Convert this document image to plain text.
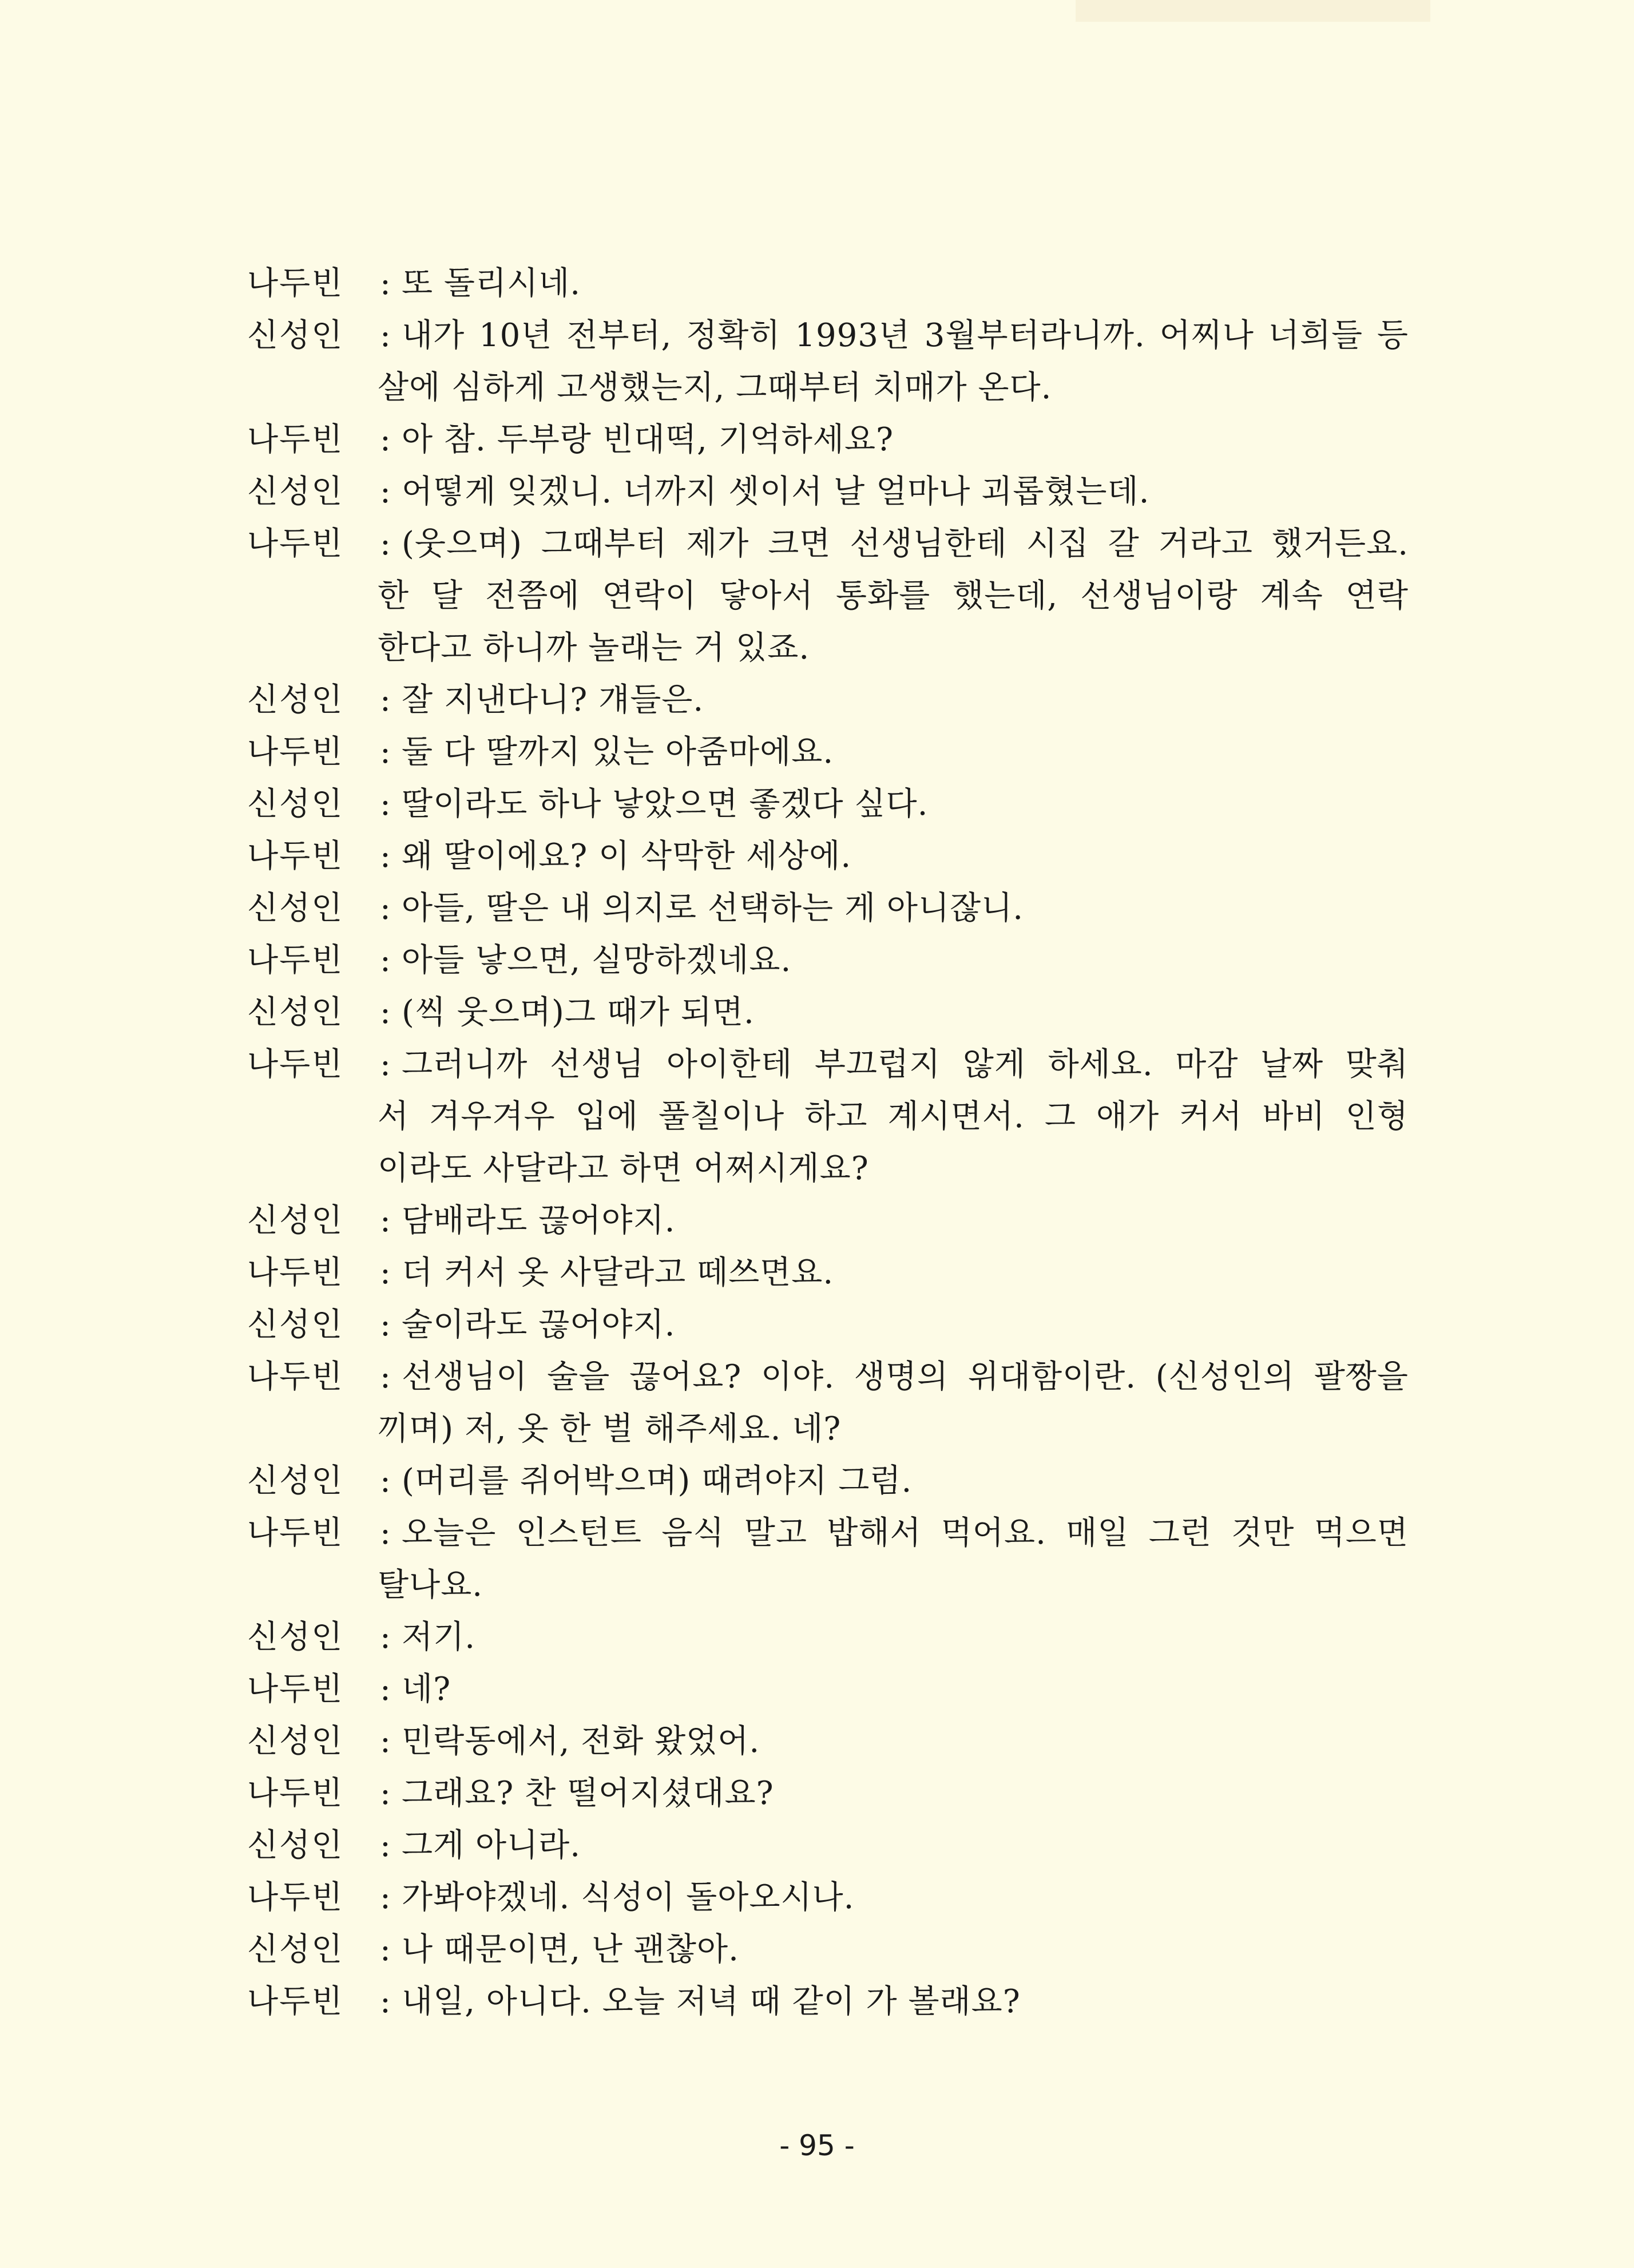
나두빈	: 또 돌리시네.
신성인	: 내가 10년 전부터, 정확히 1993년 3월부터라니까. 어찌나 너희들 등
살에 심하게 고생했는지, 그때부터 치매가 온다.
나두빈	: 아 참. 두부랑 빈대떡, 기억하세요?
신성인	: 어떻게 잊겠니. 너까지 셋이서 날 얼마나 괴롭혔는데.
나두빈	: (웃으며) 그때부터 제가 크면 선생님한테 시집 갈 거라고 했거든요.
한 달 전쯤에 연락이 닿아서 통화를 했는데, 선생님이랑 계속 연락
한다고 하니까 놀래는 거 있죠.
신성인	: 잘 지낸다니? 걔들은.
나두빈	: 둘 다 딸까지 있는 아줌마에요.
신성인	: 딸이라도 하나 낳았으면 좋겠다 싶다.
나두빈	: 왜 딸이에요? 이 삭막한 세상에.
신성인	: 아들, 딸은 내 의지로 선택하는 게 아니잖니.
나두빈	: 아들 낳으면, 실망하겠네요.
신성인	: (씩 웃으며)그 때가 되면.
나두빈	: 그러니까 선생님 아이한테 부끄럽지 않게 하세요. 마감 날짜 맞춰
서 겨우겨우 입에 풀칠이나 하고 계시면서. 그 애가 커서 바비 인형
이라도 사달라고 하면 어쩌시게요?
신성인	: 담배라도 끊어야지.
나두빈	: 더 커서 옷 사달라고 떼쓰면요.
신성인	: 술이라도 끊어야지.
나두빈	: 선생님이 술을 끊어요? 이야. 생명의 위대함이란. (신성인의 팔짱을
끼며) 저, 옷 한 벌 해주세요. 네?
신성인	: (머리를 쥐어박으며) 때려야지 그럼.
나두빈	: 오늘은 인스턴트 음식 말고 밥해서 먹어요. 매일 그런 것만 먹으면
탈나요.
신성인	: 저기.
나두빈	: 네?
신성인	: 민락동에서, 전화 왔었어.
나두빈	: 그래요? 찬 떨어지셨대요?
신성인	: 그게 아니라.
나두빈	: 가봐야겠네. 식성이 돌아오시나.
신성인	: 나 때문이면, 난 괜찮아.
나두빈	: 내일, 아니다. 오늘 저녁 때 같이 가 볼래요?
- 95 -
